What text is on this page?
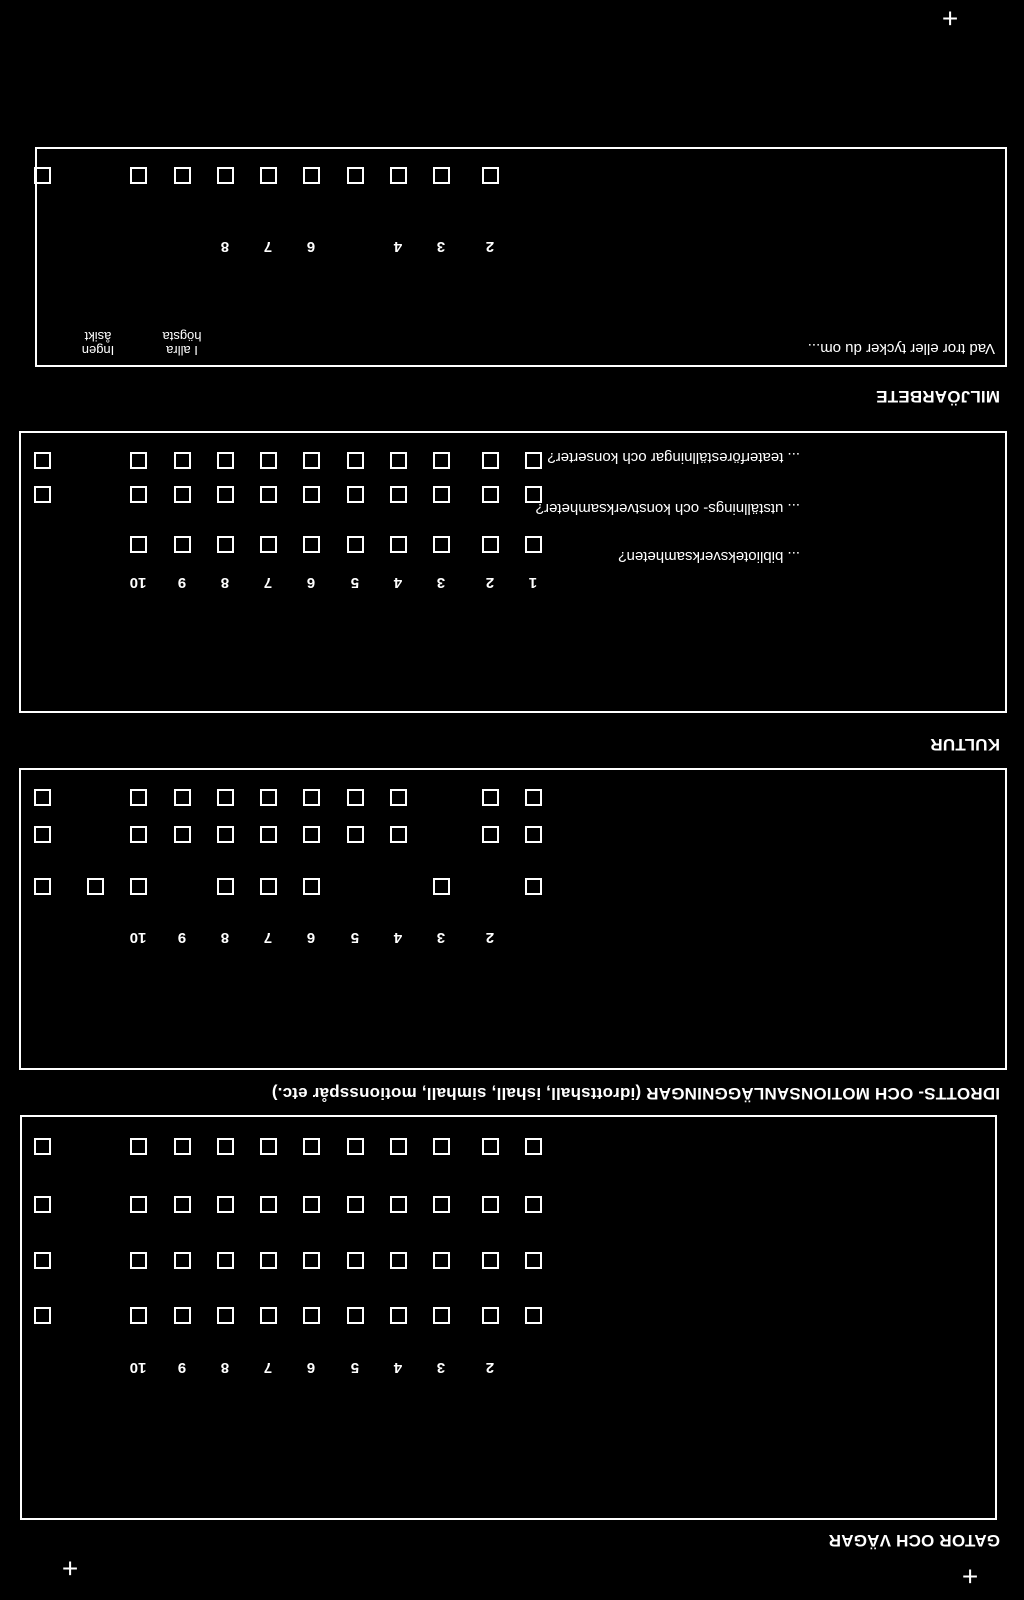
+
+
+
GATOR OCH VÄGAR
IDROTTS- OCH MOTIONSANLÄGGNINGAR (idrottshall, ishall, simhall, motionsspår etc.)
KULTUR
... biblioteksverksamheten?
... utställnings- och konstverksamheter?
... teaterföreställningar och konserter?
MILJÖARBETE
Vad tror eller tycker du om...
I allra
högsta
Ingen
åsikt
2
3
4
5
6
7
8
9
10
2
3
4
5
6
7
8
9
10
1
2
3
4
5
6
7
8
9
10
2
3
4
6
7
8
